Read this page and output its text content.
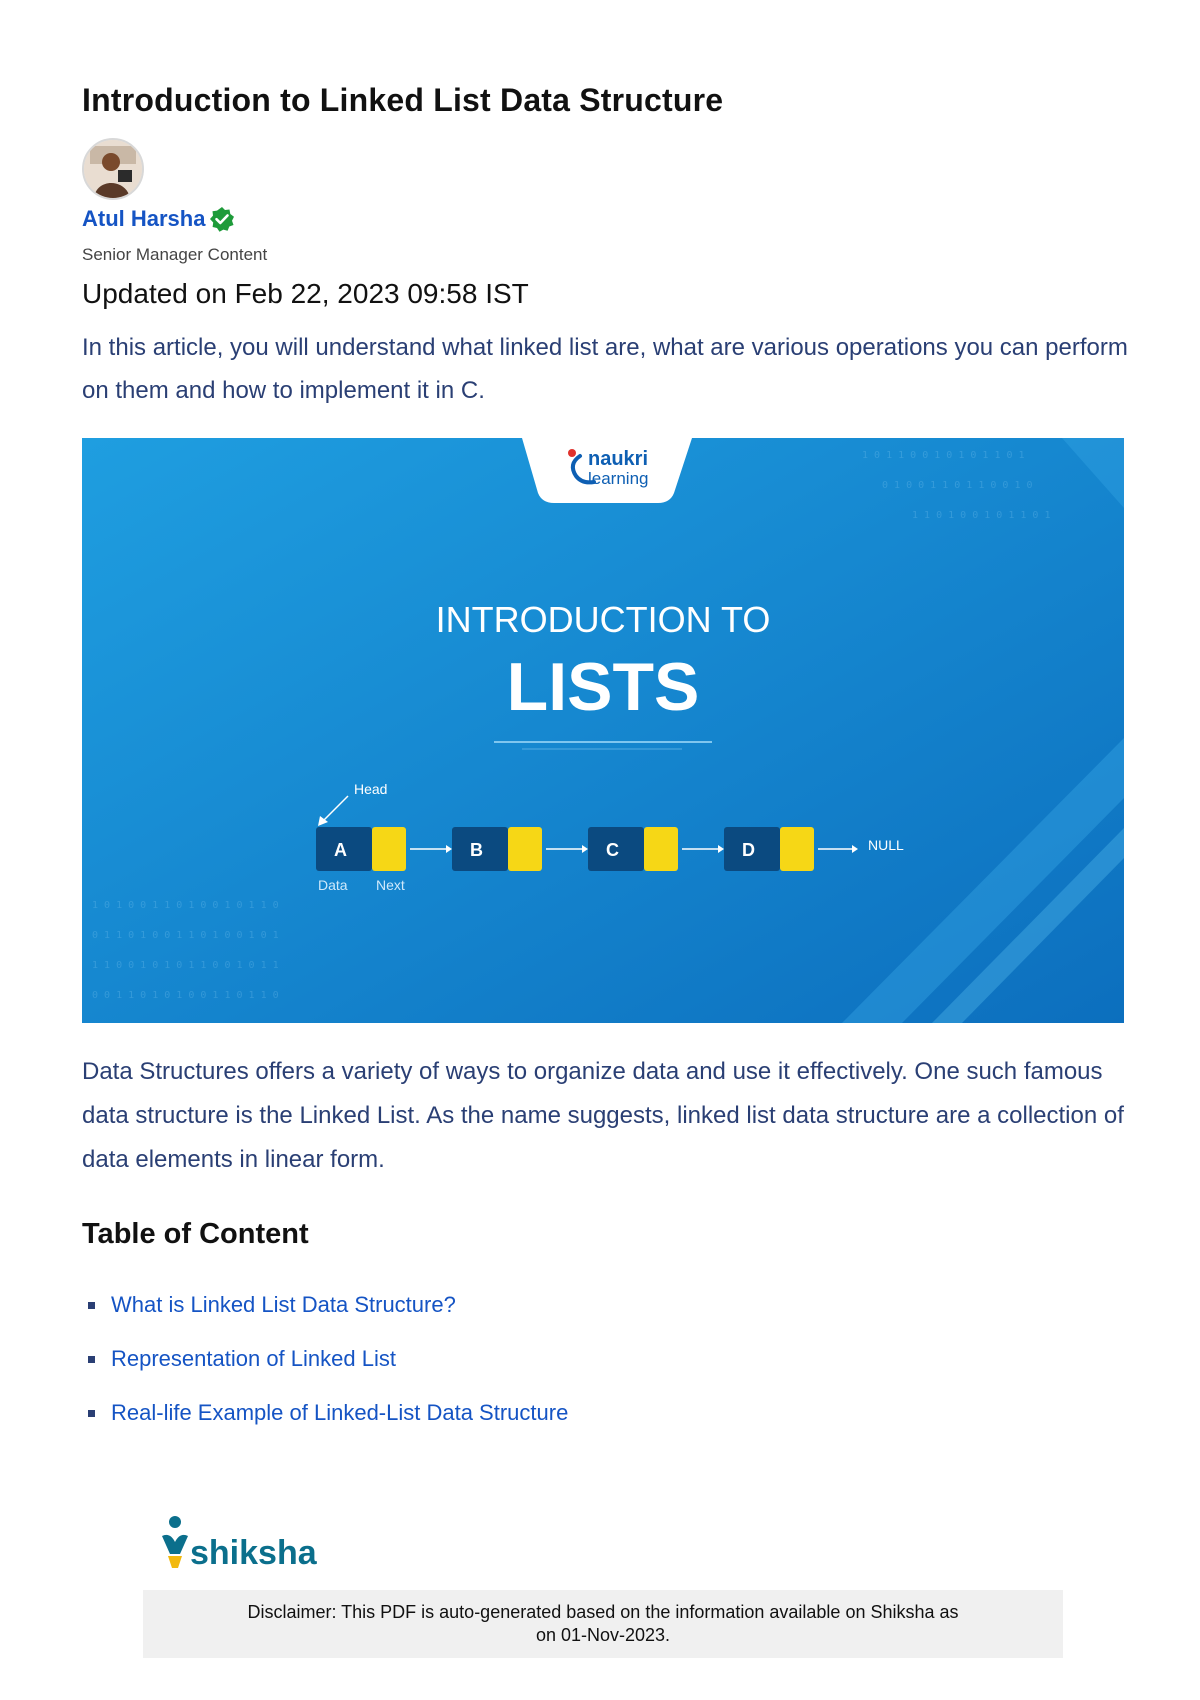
Introduction to Linked List Data Structure
Atul Harsha
Senior Manager Content
Updated on Feb 22, 2023 09:58 IST
In this article, you will understand what linked list are, what are various operations you can perform on them and how to implement it in C.
1 0 1 0 0 1 1 0 1 0 0 1 0 1 1 0
0 1 1 0 1 0 0 1 1 0 1 0 0 1 0 1
1 1 0 0 1 0 1 0 1 1 0 0 1 0 1 1
0 0 1 1 0 1 0 1 0 0 1 1 0 1 1 0
1 0 1 1 0 0 1 0 1 0 1 1 0 1
0 1 0 0 1 1 0 1 1 0 0 1 0
1 1 0 1 0 0 1 0 1 1 0 1
naukri
learning
INTRODUCTION TO
LISTS
Head
A	B	C	D
Data Next
NULL
Data Structures offers a variety of ways to organize data and use it effectively. One such famous data structure is the Linked List. As the name suggests, linked list data structure are a collection of data elements in linear form.
Table of Content
What is Linked List Data Structure?
Representation of Linked List
Real-life Example of Linked-List Data Structure
shiksha
Disclaimer: This PDF is auto-generated based on the information available on Shiksha as
on 01-Nov-2023.
